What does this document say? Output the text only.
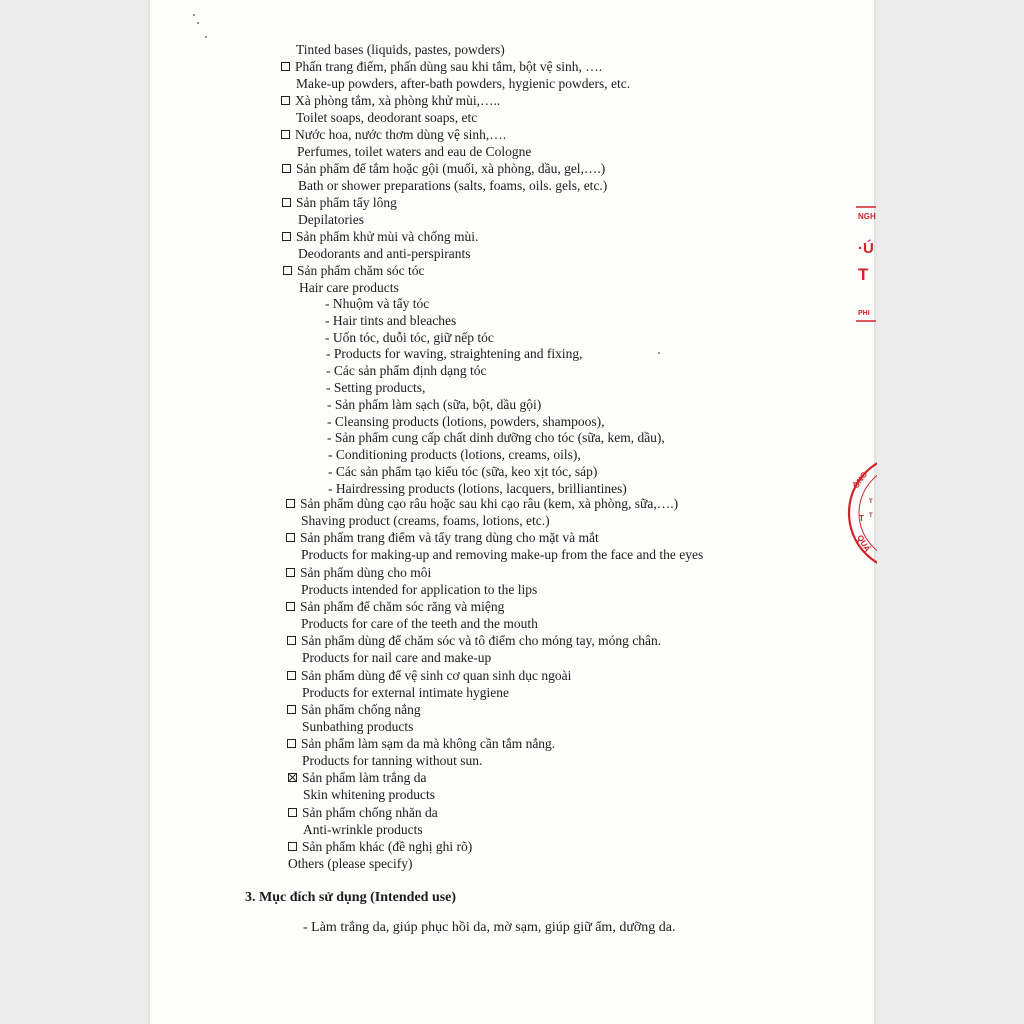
Tinted bases (liquids, pastes, powders)
3. Mục đích sử dụng (Intended use)
- Làm trắng da, giúp phục hồi da, mờ sạm, giúp giữ ẩm, dưỡng da.
Phấn trang điểm, phấn dùng sau khi tắm, bột vệ sinh, ….
Make-up powders, after-bath powders, hygienic powders, etc.
Xà phòng tắm, xà phòng khử mùi,…..
Toilet soaps, deodorant soaps, etc
Nước hoa, nước thơm dùng vệ sinh,….
Perfumes, toilet waters and eau de Cologne
Sản phẩm để tắm hoặc gội (muối, xà phòng, dầu, gel,….)
Bath or shower preparations (salts, foams, oils. gels, etc.)
Sản phẩm tẩy lông
Depilatories
Sản phẩm khử mùi và chống mùi.
Deodorants and anti-perspirants
Sản phẩm chăm sóc tóc
Hair care products
- Nhuộm và tẩy tóc
- Hair tints and bleaches
- Uốn tóc, duỗi tóc, giữ nếp tóc
- Products for waving, straightening and fixing,
- Các sản phẩm định dạng tóc
- Setting products,
- Sản phẩm làm sạch (sữa, bột, dầu gội)
- Cleansing products (lotions, powders, shampoos),
- Sản phẩm cung cấp chất dinh dưỡng cho tóc (sữa, kem, dầu),
- Conditioning products (lotions, creams, oils),
- Các sản phẩm tạo kiểu tóc (sữa, keo xịt tóc, sáp)
- Hairdressing products (lotions, lacquers, brilliantines)
Sản phẩm dùng cạo râu hoặc sau khi cạo râu (kem, xà phòng, sữa,….)
Shaving product (creams, foams, lotions, etc.)
Sản phẩm trang điểm và tẩy trang dùng cho mặt và mắt
Products for making-up and removing make-up from the face and the eyes
Sản phẩm dùng cho môi
Products intended for application to the lips
Sản phẩm để chăm sóc răng và miệng
Products for care of the teeth and the mouth
Sản phẩm dùng để chăm sóc và tô điểm cho móng tay, móng chân.
Products for nail care and make-up
Sản phẩm dùng để vệ sinh cơ quan sinh dục ngoài
Products for external intimate hygiene
Sản phẩm chống nắng
Sunbathing products
Sản phẩm làm sạm da mà không cần tắm nắng.
Products for tanning without sun.
Sản phẩm làm trắng da
Skin whitening products
Sản phẩm chống nhăn da
Anti-wrinkle products
Sản phẩm khác (đề nghị ghi rõ)
Others (please specify)
NGH
·Ú
T
PHI
ÔNG
T
QUẢ
T
T
